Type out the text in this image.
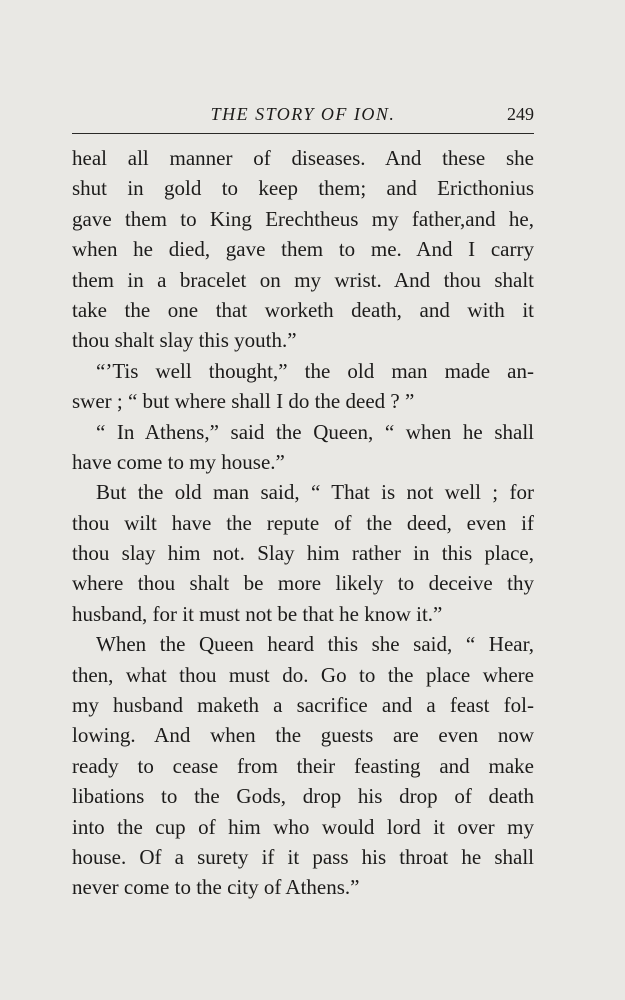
THE STORY OF ION.	249
heal all manner of diseases. And these she
shut in gold to keep them; and Ericthonius
gave them to King Erechtheus my father,and he,
when he died, gave them to me. And I carry
them in a bracelet on my wrist. And thou shalt
take the one that worketh death, and with it
thou shalt slay this youth.”
“’Tis well thought,” the old man made an-
swer ; “ but where shall I do the deed ? ”
“ In Athens,” said the Queen, “ when he shall
have come to my house.”
But the old man said, “ That is not well ; for
thou wilt have the repute of the deed, even if
thou slay him not. Slay him rather in this place,
where thou shalt be more likely to deceive thy
husband, for it must not be that he know it.”
When the Queen heard this she said, “ Hear,
then, what thou must do. Go to the place where
my husband maketh a sacrifice and a feast fol-
lowing. And when the guests are even now
ready to cease from their feasting and make
libations to the Gods, drop his drop of death
into the cup of him who would lord it over my
house. Of a surety if it pass his throat he shall
never come to the city of Athens.”
